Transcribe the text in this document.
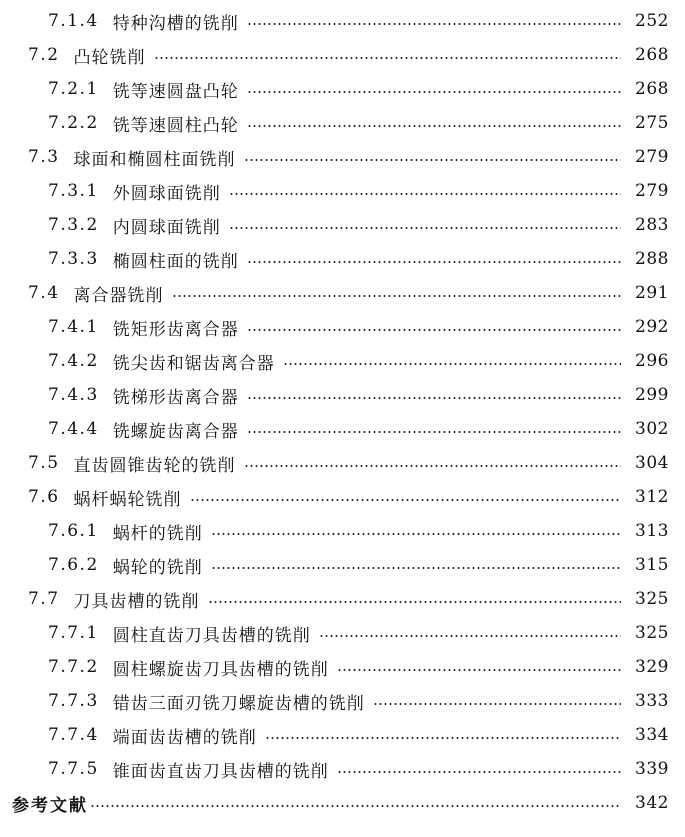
7.1.4 特种沟槽的铣削	252
7.2 凸轮铣削	268
7.2.1 铣等速圆盘凸轮	268
7.2.2 铣等速圆柱凸轮	275
7.3 球面和椭圆柱面铣削	279
7.3.1 外圆球面铣削	279
7.3.2 内圆球面铣削	283
7.3.3 椭圆柱面的铣削	288
7.4 离合器铣削	291
7.4.1 铣矩形齿离合器	292
7.4.2 铣尖齿和锯齿离合器	296
7.4.3 铣梯形齿离合器	299
7.4.4 铣螺旋齿离合器	302
7.5 直齿圆锥齿轮的铣削	304
7.6 蜗杆蜗轮铣削	312
7.6.1 蜗杆的铣削	313
7.6.2 蜗轮的铣削	315
7.7 刀具齿槽的铣削	325
7.7.1 圆柱直齿刀具齿槽的铣削	325
7.7.2 圆柱螺旋齿刀具齿槽的铣削	329
7.7.3 错齿三面刃铣刀螺旋齿槽的铣削	333
7.7.4 端面齿齿槽的铣削	334
7.7.5 锥面齿直齿刀具齿槽的铣削	339
参考文献	342
